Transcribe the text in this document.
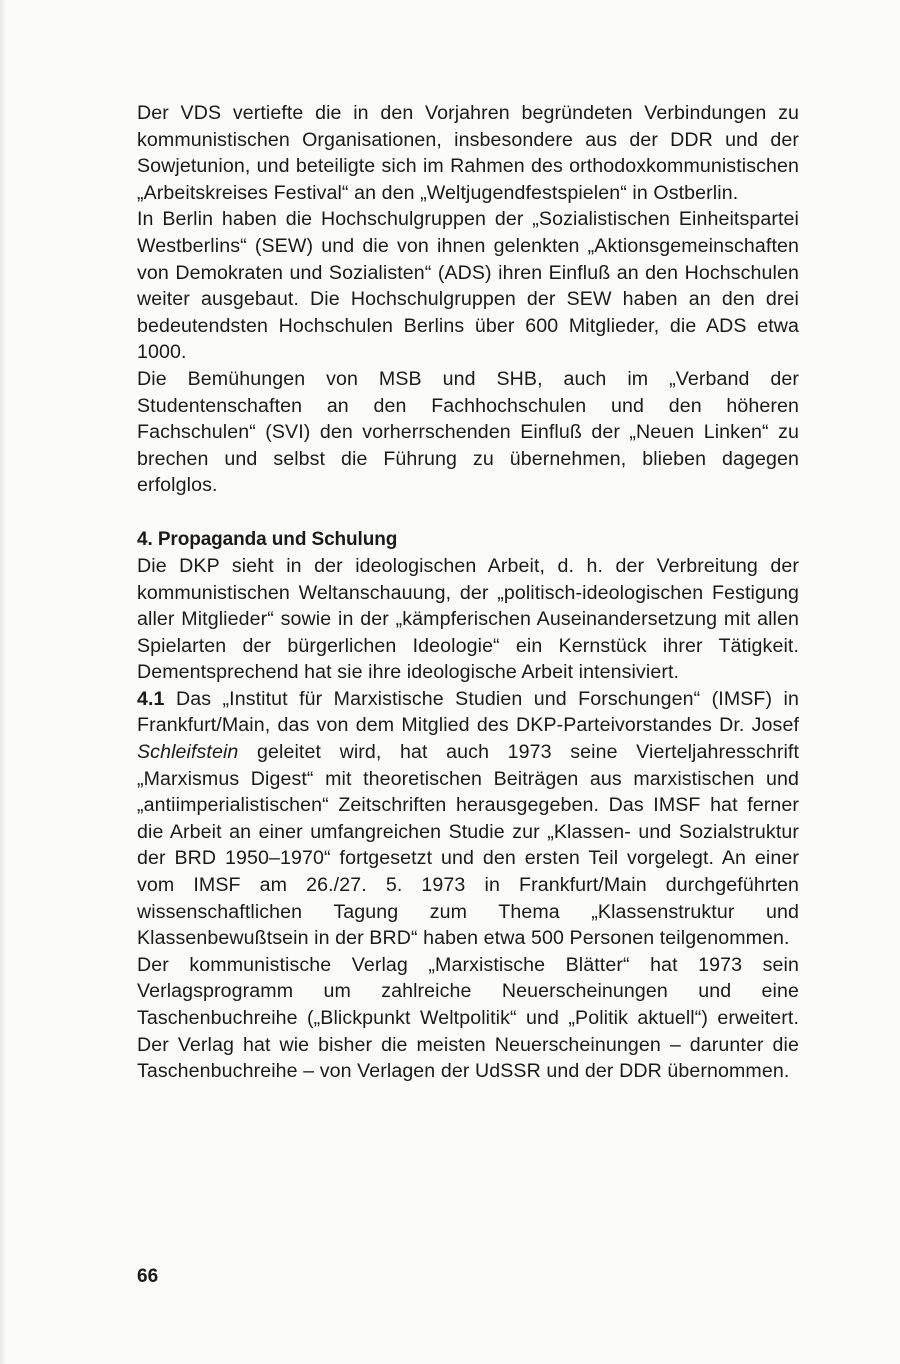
Der VDS vertiefte die in den Vorjahren begründeten Verbindungen zu kommunistischen Organisationen, insbesondere aus der DDR und der Sowjetunion, und beteiligte sich im Rahmen des orthodoxkommunistischen „Arbeitskreises Festival“ an den „Weltjugendfestspielen“ in Ostberlin.

In Berlin haben die Hochschulgruppen der „Sozialistischen Einheitspartei Westberlins“ (SEW) und die von ihnen gelenkten „Aktionsgemeinschaften von Demokraten und Sozialisten“ (ADS) ihren Einfluß an den Hochschulen weiter ausgebaut. Die Hochschulgruppen der SEW haben an den drei bedeutendsten Hochschulen Berlins über 600 Mitglieder, die ADS etwa 1000.

Die Bemühungen von MSB und SHB, auch im „Verband der Studentenschaften an den Fachhochschulen und den höheren Fachschulen“ (SVI) den vorherrschenden Einfluß der „Neuen Linken“ zu brechen und selbst die Führung zu übernehmen, blieben dagegen erfolglos.

4. Propaganda und Schulung

Die DKP sieht in der ideologischen Arbeit, d. h. der Verbreitung der kommunistischen Weltanschauung, der „politisch-ideologischen Festigung aller Mitglieder“ sowie in der „kämpferischen Auseinandersetzung mit allen Spielarten der bürgerlichen Ideologie“ ein Kernstück ihrer Tätigkeit. Dementsprechend hat sie ihre ideologische Arbeit intensiviert.

4.1 Das „Institut für Marxistische Studien und Forschungen“ (IMSF) in Frankfurt/Main, das von dem Mitglied des DKP-Parteivorstandes Dr. Josef Schleifstein geleitet wird, hat auch 1973 seine Vierteljahresschrift „Marxismus Digest“ mit theoretischen Beiträgen aus marxistischen und „antiimperialistischen“ Zeitschriften herausgegeben. Das IMSF hat ferner die Arbeit an einer umfangreichen Studie zur „Klassen- und Sozialstruktur der BRD 1950–1970“ fortgesetzt und den ersten Teil vorgelegt. An einer vom IMSF am 26./27. 5. 1973 in Frankfurt/Main durchgeführten wissenschaftlichen Tagung zum Thema „Klassenstruktur und Klassenbewußtsein in der BRD“ haben etwa 500 Personen teilgenommen.

Der kommunistische Verlag „Marxistische Blätter“ hat 1973 sein Verlagsprogramm um zahlreiche Neuerscheinungen und eine Taschenbuchreihe („Blickpunkt Weltpolitik“ und „Politik aktuell“) erweitert. Der Verlag hat wie bisher die meisten Neuerscheinungen – darunter die Taschenbuchreihe – von Verlagen der UdSSR und der DDR übernommen.

66
